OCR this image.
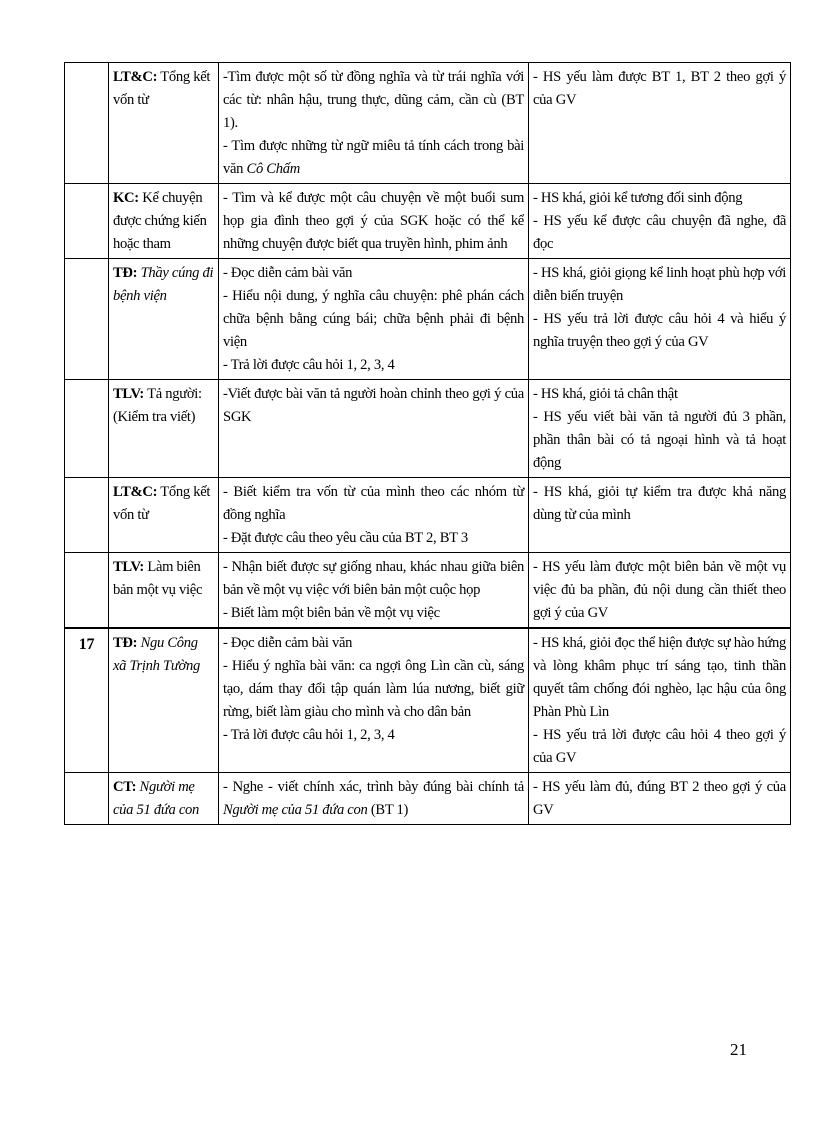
	LT&C: Tổng kết vốn từ	-Tìm được một số từ đồng nghĩa và từ trái nghĩa với các từ: nhân hậu, trung thực, dũng cảm, cần cù (BT 1).
- Tìm được những từ ngữ miêu tả tính cách trong bài văn Cô Chấm	- HS yếu làm được BT 1, BT 2 theo gợi ý của GV

	KC: Kể chuyện được chứng kiến hoặc tham	- Tìm và kể được một câu chuyện về một buổi sum họp gia đình theo gợi ý của SGK hoặc có thể kể những chuyện được biết qua truyền hình, phim ảnh	- HS khá, giỏi kể tương đối sinh động
- HS yếu kể được câu chuyện đã nghe, đã đọc

	TĐ: Thầy cúng đi bệnh viện	- Đọc diễn cảm bài văn
- Hiểu nội dung, ý nghĩa câu chuyện: phê phán cách chữa bệnh bằng cúng bái; chữa bệnh phải đi bệnh viện
- Trả lời được câu hỏi 1, 2, 3, 4	- HS khá, giỏi giọng kể linh hoạt phù hợp với diễn biến truyện
- HS yếu trả lời được câu hỏi 4 và hiểu ý nghĩa truyện theo gợi ý của GV

	TLV: Tả người: (Kiểm tra viết)	-Viết được bài văn tả người hoàn chỉnh theo gợi ý của SGK	- HS khá, giỏi tả chân thật
- HS yếu viết bài văn tả người đủ 3 phần, phần thân bài có tả ngoại hình và tả hoạt động

	LT&C: Tổng kết vốn từ	- Biết kiểm tra vốn từ của mình theo các nhóm từ đồng nghĩa
- Đặt được câu theo yêu cầu của BT 2, BT 3	- HS khá, giỏi tự kiểm tra được khả năng dùng từ của mình

	TLV: Làm biên bản một vụ việc	- Nhận biết được sự giống nhau, khác nhau giữa biên bản về một vụ việc với biên bản một cuộc họp
- Biết làm một biên bản về một vụ việc	- HS yếu làm được một biên bản về một vụ việc đủ ba phần, đủ nội dung cần thiết theo gợi ý của GV

17	TĐ: Ngu Công xã Trịnh Tường	- Đọc diễn cảm bài văn
- Hiểu ý nghĩa bài văn: ca ngợi ông Lìn cần cù, sáng tạo, dám thay đổi tập quán làm lúa nương, biết giữ rừng, biết làm giàu cho mình và cho dân bản
- Trả lời được câu hỏi 1, 2, 3, 4	- HS khá, giỏi đọc thể hiện được sự hào hứng và lòng khâm phục trí sáng tạo, tinh thần quyết tâm chống đói nghèo, lạc hậu của ông Phàn Phù Lìn
- HS yếu trả lời được câu hỏi 4 theo gợi ý của GV

	CT: Người mẹ của 51 đứa con	- Nghe - viết chính xác, trình bày đúng bài chính tả Người mẹ của 51 đứa con (BT 1)	- HS yếu làm đủ, đúng BT 2 theo gợi ý của GV
21
